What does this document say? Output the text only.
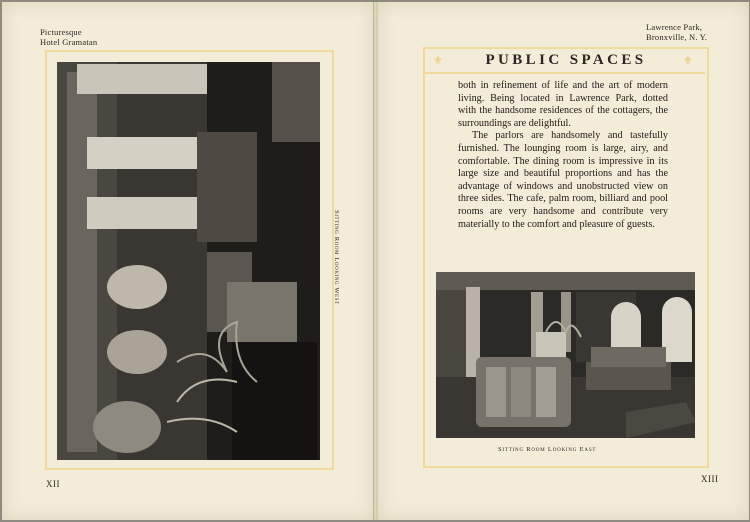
Picturesque
Hotel Gramatan
Sitting Room Looking West
XII
Lawrence Park,
Bronxville, N. Y.
⚜	PUBLIC SPACES	⚜

both in refinement of life and the art of modern living. Being located in Lawrence Park, dotted with the handsome residences of the cottagers, the surroundings are delightful.

The parlors are handsomely and tastefully furnished. The lounging room is large, airy, and comfortable. The dining room is impressive in its large size and beautiful proportions and has the advantage of windows and unobstructed view on three sides. The cafe, palm room, billiard and pool rooms are very handsome and contribute very materially to the comfort and pleasure of guests.

Sitting Room Looking East
XIII
